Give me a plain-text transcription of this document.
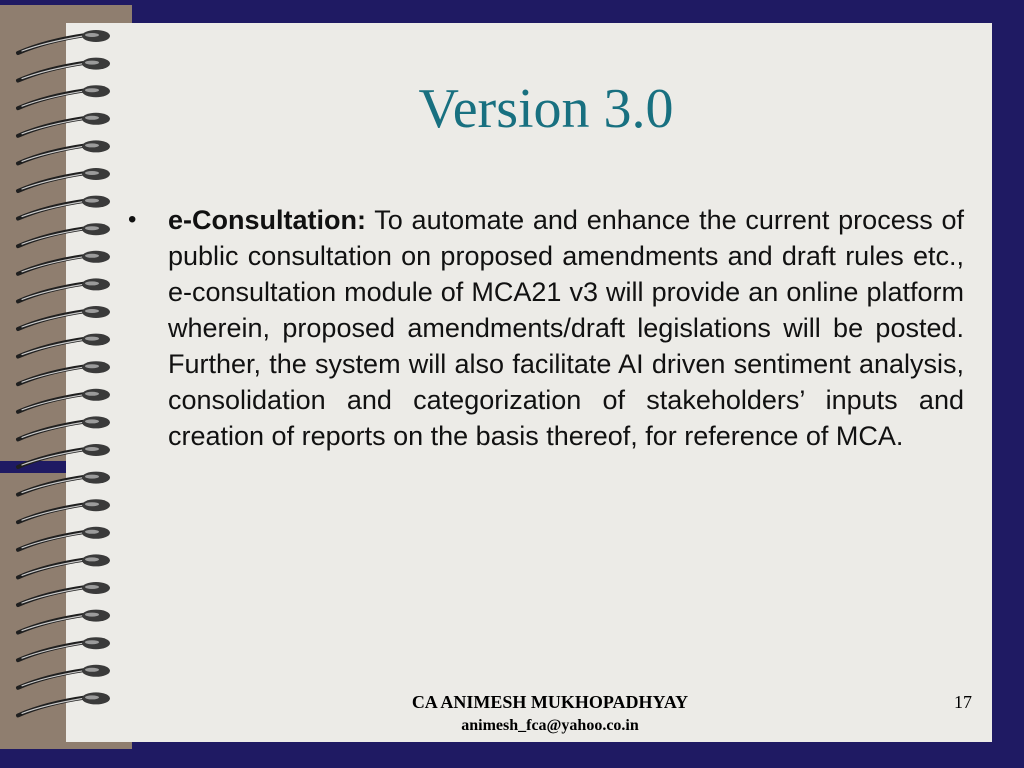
Version 3.0
•	e-Consultation: To automate and enhance the current process of public consultation on proposed amendments and draft rules etc., e-consultation module of MCA21 v3 will provide an online platform wherein, proposed amendments/draft legislations will be posted. Further, the system will also facilitate AI driven sentiment analysis, consolidation and categorization of stakeholders’ inputs and creation of reports on the basis thereof, for reference of MCA.
CA ANIMESH MUKHOPADHYAY
animesh_fca@yahoo.co.in
17
